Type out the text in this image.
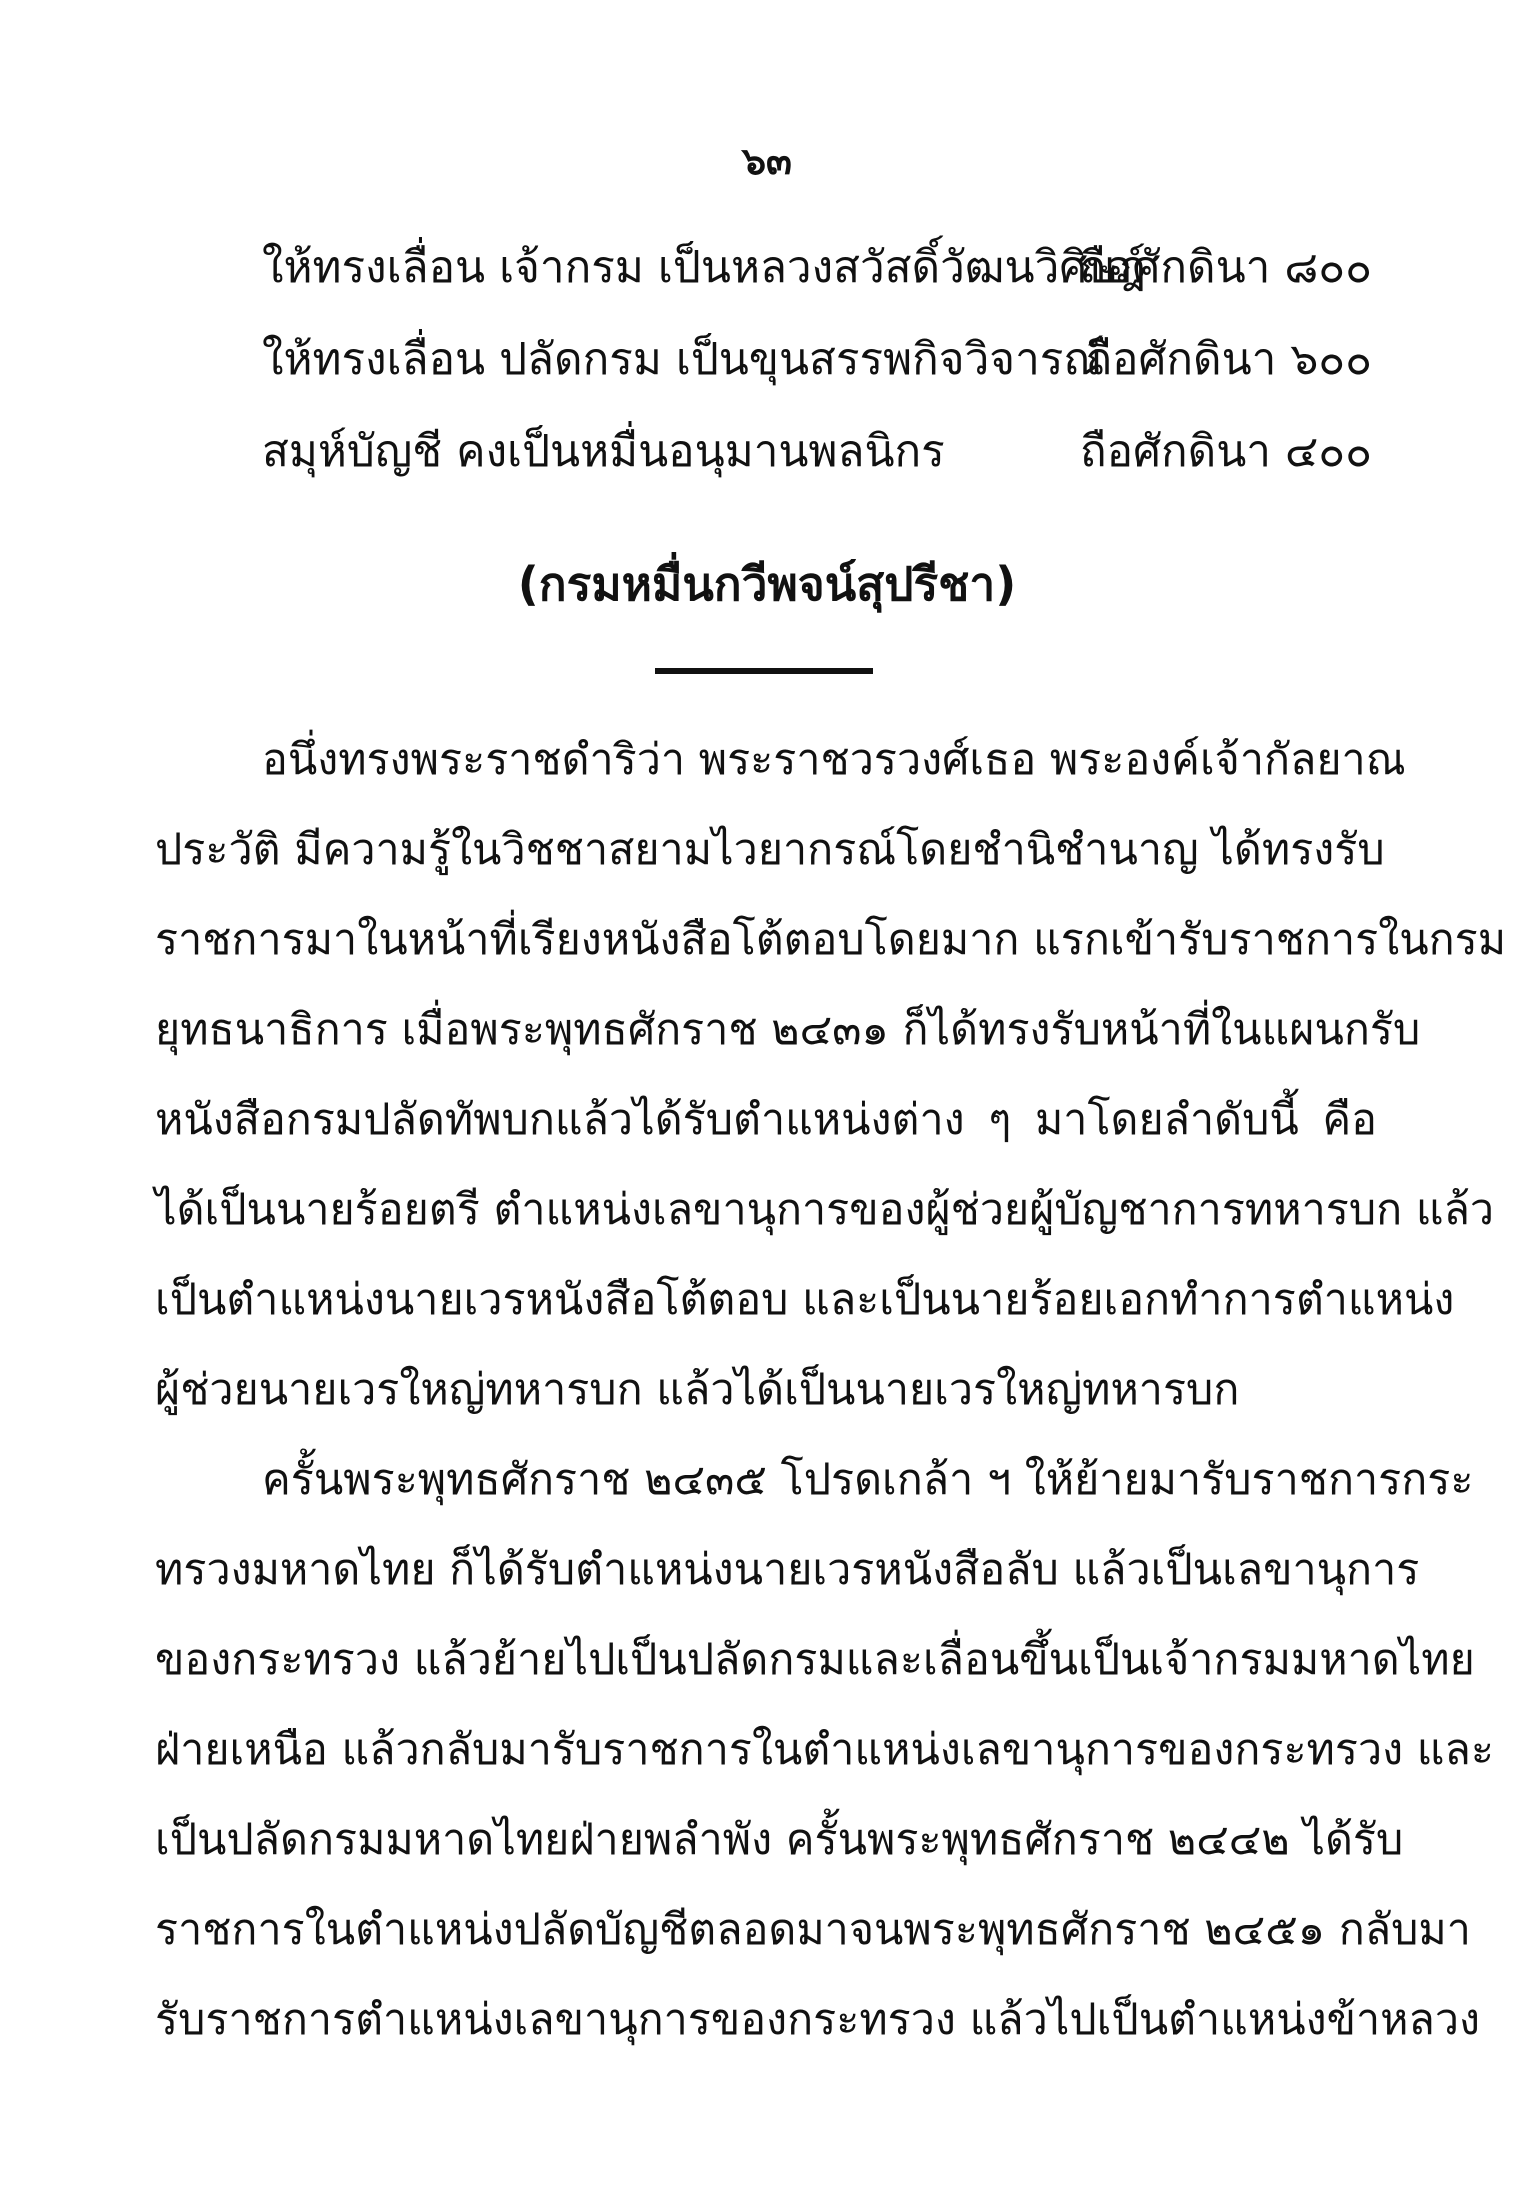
๖๓
ให้ทรงเลื่อน เจ้ากรม เป็นหลวงสวัสดิ์วัฒนวิศิษฎ์
ถือศักดินา ๘๐๐
ให้ทรงเลื่อน ปลัดกรม เป็นขุนสรรพกิจวิจารณ์
ถือศักดินา ๖๐๐
สมุห์บัญชี คงเป็นหมื่นอนุมานพลนิกร	ถือศักดินา ๔๐๐
(กรมหมื่นกวีพจน์สุปรีชา)
อนึ่งทรงพระราชดำริว่า พระราชวรวงศ์เธอ พระองค์เจ้ากัลยาณ
ประวัติ มีความรู้ในวิชชาสยามไวยากรณ์โดยชำนิชำนาญ ได้ทรงรับ
ราชการมาในหน้าที่เรียงหนังสือโต้ตอบโดยมาก แรกเข้ารับราชการในกรม
ยุทธนาธิการ เมื่อพระพุทธศักราช ๒๔๓๑ ก็ได้ทรงรับหน้าที่ในแผนกรับ
หนังสือกรมปลัดทัพบกแล้วได้รับตำแหน่งต่าง ๆ มาโดยลำดับนี้ คือ
ได้เป็นนายร้อยตรี ตำแหน่งเลขานุการของผู้ช่วยผู้บัญชาการทหารบก แล้ว
เป็นตำแหน่งนายเวรหนังสือโต้ตอบ และเป็นนายร้อยเอกทำการตำแหน่ง
ผู้ช่วยนายเวรใหญ่ทหารบก แล้วได้เป็นนายเวรใหญ่ทหารบก
ครั้นพระพุทธศักราช ๒๔๓๕ โปรดเกล้า ฯ ให้ย้ายมารับราชการกระ
ทรวงมหาดไทย ก็ได้รับตำแหน่งนายเวรหนังสือลับ แล้วเป็นเลขานุการ
ของกระทรวง แล้วย้ายไปเป็นปลัดกรมและเลื่อนขึ้นเป็นเจ้ากรมมหาดไทย
ฝ่ายเหนือ แล้วกลับมารับราชการในตำแหน่งเลขานุการของกระทรวง และ
เป็นปลัดกรมมหาดไทยฝ่ายพลำพัง ครั้นพระพุทธศักราช ๒๔๔๒ ได้รับ
ราชการในตำแหน่งปลัดบัญชีตลอดมาจนพระพุทธศักราช ๒๔๕๑ กลับมา
รับราชการตำแหน่งเลขานุการของกระทรวง แล้วไปเป็นตำแหน่งข้าหลวง
